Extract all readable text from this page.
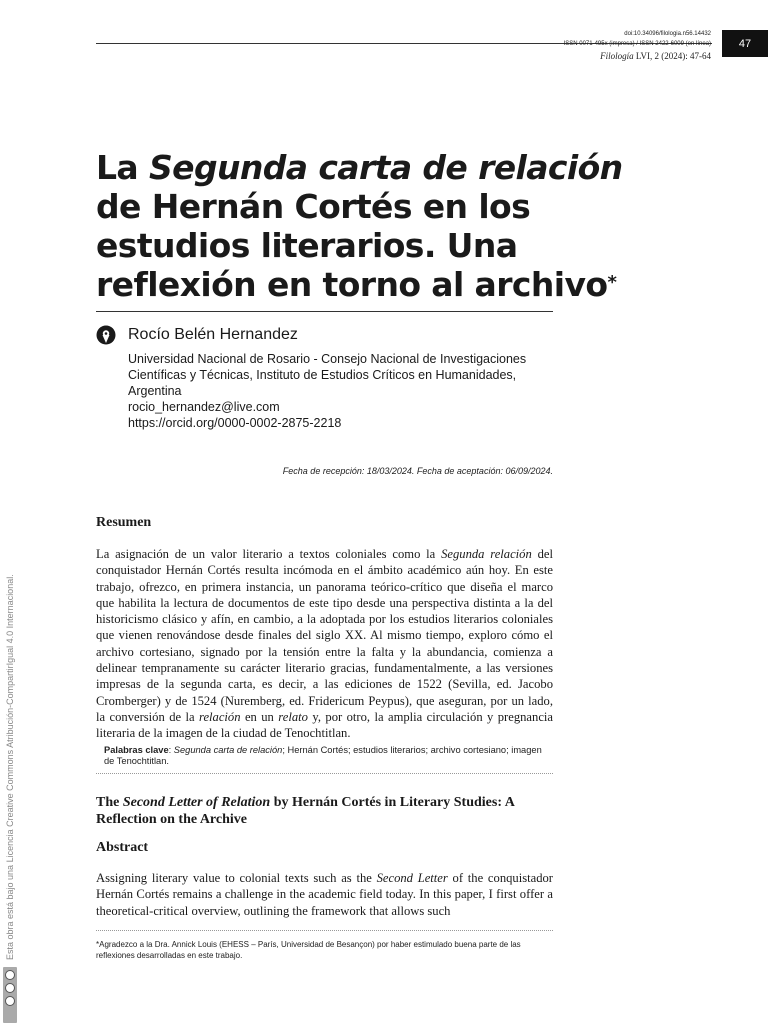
doi:10.34096/filologia.n56.14432
ISSN 0071-495x (impresa) / ISSN 2422-6009 (en línea)
Filología LVI, 2 (2024): 47-64
47
La Segunda carta de relación de Hernán Cortés en los estudios literarios. Una reflexión en torno al archivo*
Rocío Belén Hernandez
Universidad Nacional de Rosario - Consejo Nacional de Investigaciones Científicas y Técnicas, Instituto de Estudios Críticos en Humanidades, Argentina
rocio_hernandez@live.com
https://orcid.org/0000-0002-2875-2218
Fecha de recepción: 18/03/2024. Fecha de aceptación: 06/09/2024.
Resumen

La asignación de un valor literario a textos coloniales como la Segunda relación del conquistador Hernán Cortés resulta incómoda en el ámbito académico aún hoy. En este trabajo, ofrezco, en primera instancia, un panorama teórico-crítico que diseña el marco que habilita la lectura de documentos de este tipo desde una perspectiva distinta a la del historicismo clásico y afín, en cambio, a la adoptada por los estudios literarios coloniales que vienen renovándose desde finales del siglo XX. Al mismo tiempo, exploro cómo el archivo cortesiano, signado por la tensión entre la falta y la abundancia, comienza a delinear tempranamente su carácter literario gracias, fundamentalmente, a las versiones impresas de la segunda carta, es decir, a las ediciones de 1522 (Sevilla, ed. Jacobo Cromberger) y de 1524 (Nuremberg, ed. Fridericum Peypus), que aseguran, por un lado, la conversión de la relación en un relato y, por otro, la amplia circulación y pregnancia literaria de la imagen de la ciudad de Tenochtitlan.

Palabras clave: Segunda carta de relación; Hernán Cortés; estudios literarios; archivo cortesiano; imagen de Tenochtitlan.
The Second Letter of Relation by Hernán Cortés in Literary Studies: A Reflection on the Archive
Abstract

Assigning literary value to colonial texts such as the Second Letter of the conquistador Hernán Cortés remains a challenge in the academic field today. In this paper, I first offer a theoretical-critical overview, outlining the framework that allows such

*Agradezco a la Dra. Annick Louis (EHESS – París, Universidad de Besançon) por haber estimulado buena parte de las reflexiones desarrolladas en este trabajo.
Esta obra está bajo una Licencia Creative Commons Atribución-CompartirIgual 4.0 Internacional.
